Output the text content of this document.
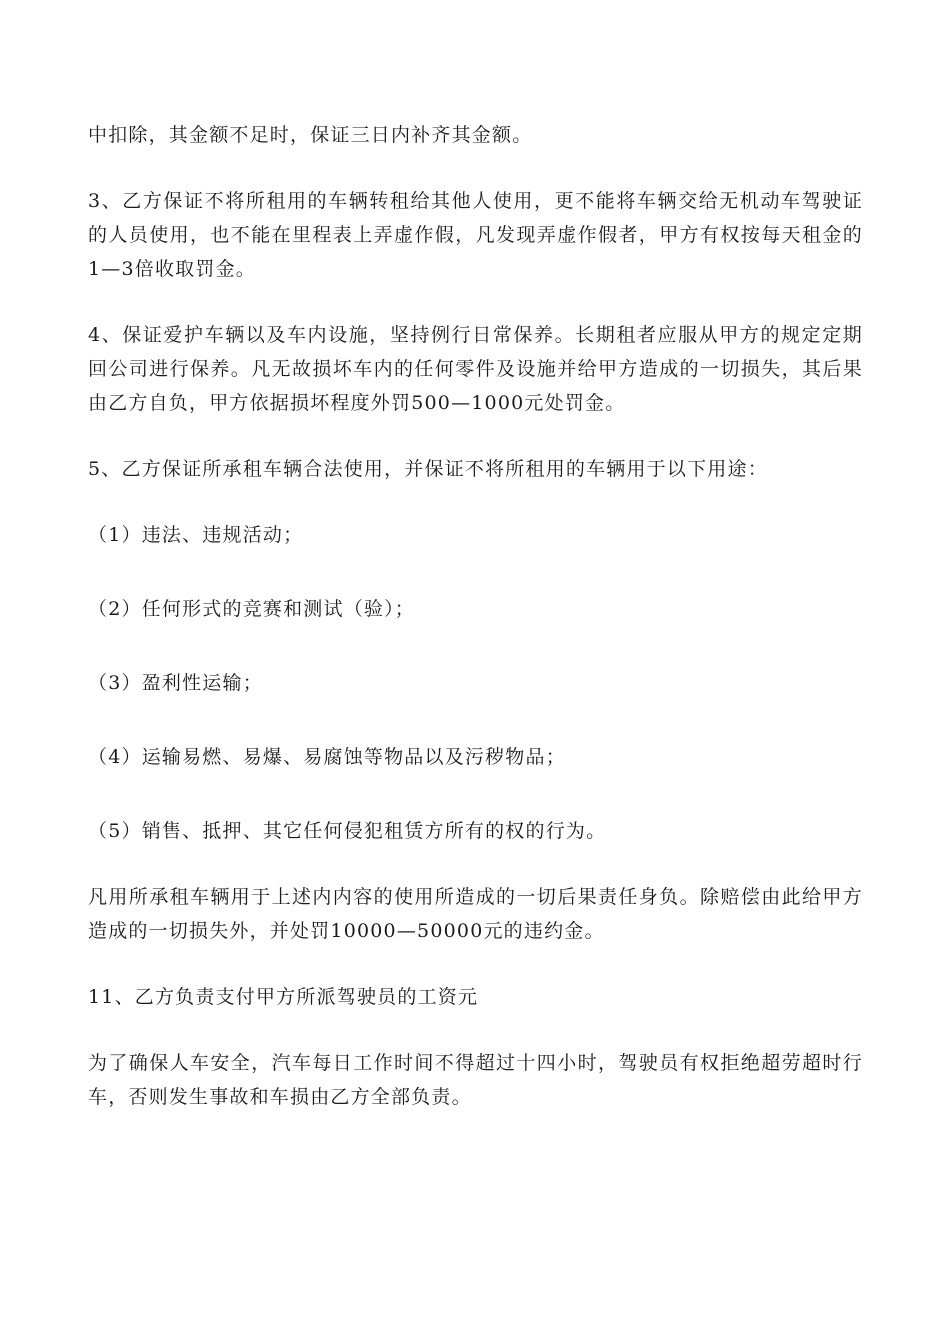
中扣除，其金额不足时，保证三日内补齐其金额。

3、乙方保证不将所租用的车辆转租给其他人使用，更不能将车辆交给无机动车驾驶证的人员使用，也不能在里程表上弄虚作假，凡发现弄虚作假者，甲方有权按每天租金的1—3倍收取罚金。

4、保证爱护车辆以及车内设施，坚持例行日常保养。长期租者应服从甲方的规定定期回公司进行保养。凡无故损坏车内的任何零件及设施并给甲方造成的一切损失，其后果由乙方自负，甲方依据损坏程度外罚500—1000元处罚金。

5、乙方保证所承租车辆合法使用，并保证不将所租用的车辆用于以下用途：

（1）违法、违规活动；

（2）任何形式的竞赛和测试（验）；

（3）盈利性运输；

（4）运输易燃、易爆、易腐蚀等物品以及污秽物品；

（5）销售、抵押、其它任何侵犯租赁方所有的权的行为。

凡用所承租车辆用于上述内内容的使用所造成的一切后果责任身负。除赔偿由此给甲方造成的一切损失外，并处罚10000—50000元的违约金。

11、乙方负责支付甲方所派驾驶员的工资元

为了确保人车安全，汽车每日工作时间不得超过十四小时，驾驶员有权拒绝超劳超时行车，否则发生事故和车损由乙方全部负责。
